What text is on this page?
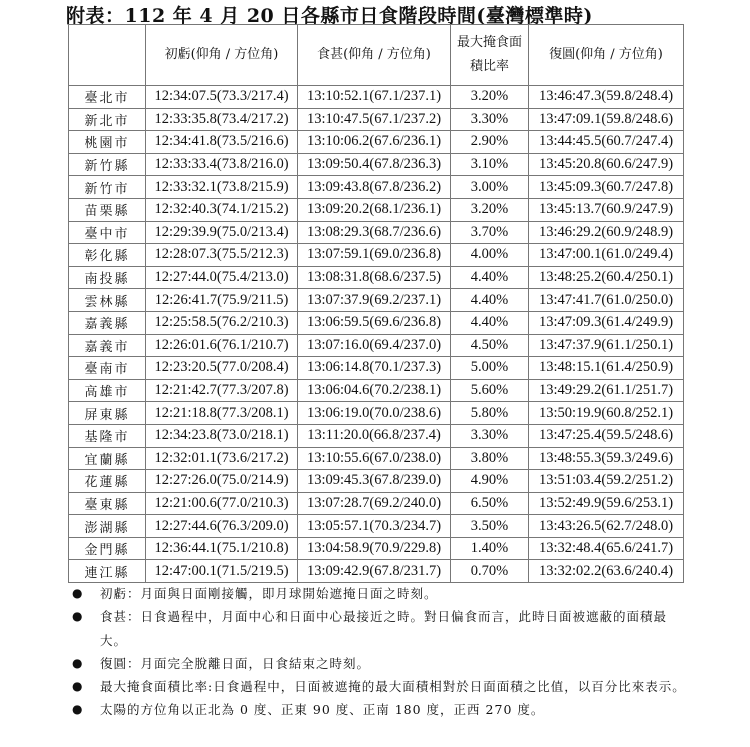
附表：112 年 4 月 20 日各縣市日食階段時間(臺灣標準時)
	初虧(仰角 / 方位角)	食甚(仰角 / 方位角)	最大掩食面積比率	復圓(仰角 / 方位角)
臺北市	12:34:07.5(73.3/217.4)	13:10:52.1(67.1/237.1)	3.20%	13:46:47.3(59.8/248.4)
新北市	12:33:35.8(73.4/217.2)	13:10:47.5(67.1/237.2)	3.30%	13:47:09.1(59.8/248.6)
桃園市	12:34:41.8(73.5/216.6)	13:10:06.2(67.6/236.1)	2.90%	13:44:45.5(60.7/247.4)
新竹縣	12:33:33.4(73.8/216.0)	13:09:50.4(67.8/236.3)	3.10%	13:45:20.8(60.6/247.9)
新竹市	12:33:32.1(73.8/215.9)	13:09:43.8(67.8/236.2)	3.00%	13:45:09.3(60.7/247.8)
苗栗縣	12:32:40.3(74.1/215.2)	13:09:20.2(68.1/236.1)	3.20%	13:45:13.7(60.9/247.9)
臺中市	12:29:39.9(75.0/213.4)	13:08:29.3(68.7/236.6)	3.70%	13:46:29.2(60.9/248.9)
彰化縣	12:28:07.3(75.5/212.3)	13:07:59.1(69.0/236.8)	4.00%	13:47:00.1(61.0/249.4)
南投縣	12:27:44.0(75.4/213.0)	13:08:31.8(68.6/237.5)	4.40%	13:48:25.2(60.4/250.1)
雲林縣	12:26:41.7(75.9/211.5)	13:07:37.9(69.2/237.1)	4.40%	13:47:41.7(61.0/250.0)
嘉義縣	12:25:58.5(76.2/210.3)	13:06:59.5(69.6/236.8)	4.40%	13:47:09.3(61.4/249.9)
嘉義市	12:26:01.6(76.1/210.7)	13:07:16.0(69.4/237.0)	4.50%	13:47:37.9(61.1/250.1)
臺南市	12:23:20.5(77.0/208.4)	13:06:14.8(70.1/237.3)	5.00%	13:48:15.1(61.4/250.9)
高雄市	12:21:42.7(77.3/207.8)	13:06:04.6(70.2/238.1)	5.60%	13:49:29.2(61.1/251.7)
屏東縣	12:21:18.8(77.3/208.1)	13:06:19.0(70.0/238.6)	5.80%	13:50:19.9(60.8/252.1)
基隆市	12:34:23.8(73.0/218.1)	13:11:20.0(66.8/237.4)	3.30%	13:47:25.4(59.5/248.6)
宜蘭縣	12:32:01.1(73.6/217.2)	13:10:55.6(67.0/238.0)	3.80%	13:48:55.3(59.3/249.6)
花蓮縣	12:27:26.0(75.0/214.9)	13:09:45.3(67.8/239.0)	4.90%	13:51:03.4(59.2/251.2)
臺東縣	12:21:00.6(77.0/210.3)	13:07:28.7(69.2/240.0)	6.50%	13:52:49.9(59.6/253.1)
澎湖縣	12:27:44.6(76.3/209.0)	13:05:57.1(70.3/234.7)	3.50%	13:43:26.5(62.7/248.0)
金門縣	12:36:44.1(75.1/210.8)	13:04:58.9(70.9/229.8)	1.40%	13:32:48.4(65.6/241.7)
連江縣	12:47:00.1(71.5/219.5)	13:09:42.9(67.8/231.7)	0.70%	13:32:02.2(63.6/240.4)
●	初虧：月面與日面剛接觸，即月球開始遮掩日面之時刻。
●	食甚：日食過程中，月面中心和日面中心最接近之時。對日偏食而言，此時日面被遮蔽的面積最大。
●	復圓：月面完全脫離日面，日食結束之時刻。
●	最大掩食面積比率:日食過程中，日面被遮掩的最大面積相對於日面面積之比值，以百分比來表示。
●	太陽的方位角以正北為 0 度、正東 90 度、正南 180 度，正西 270 度。
